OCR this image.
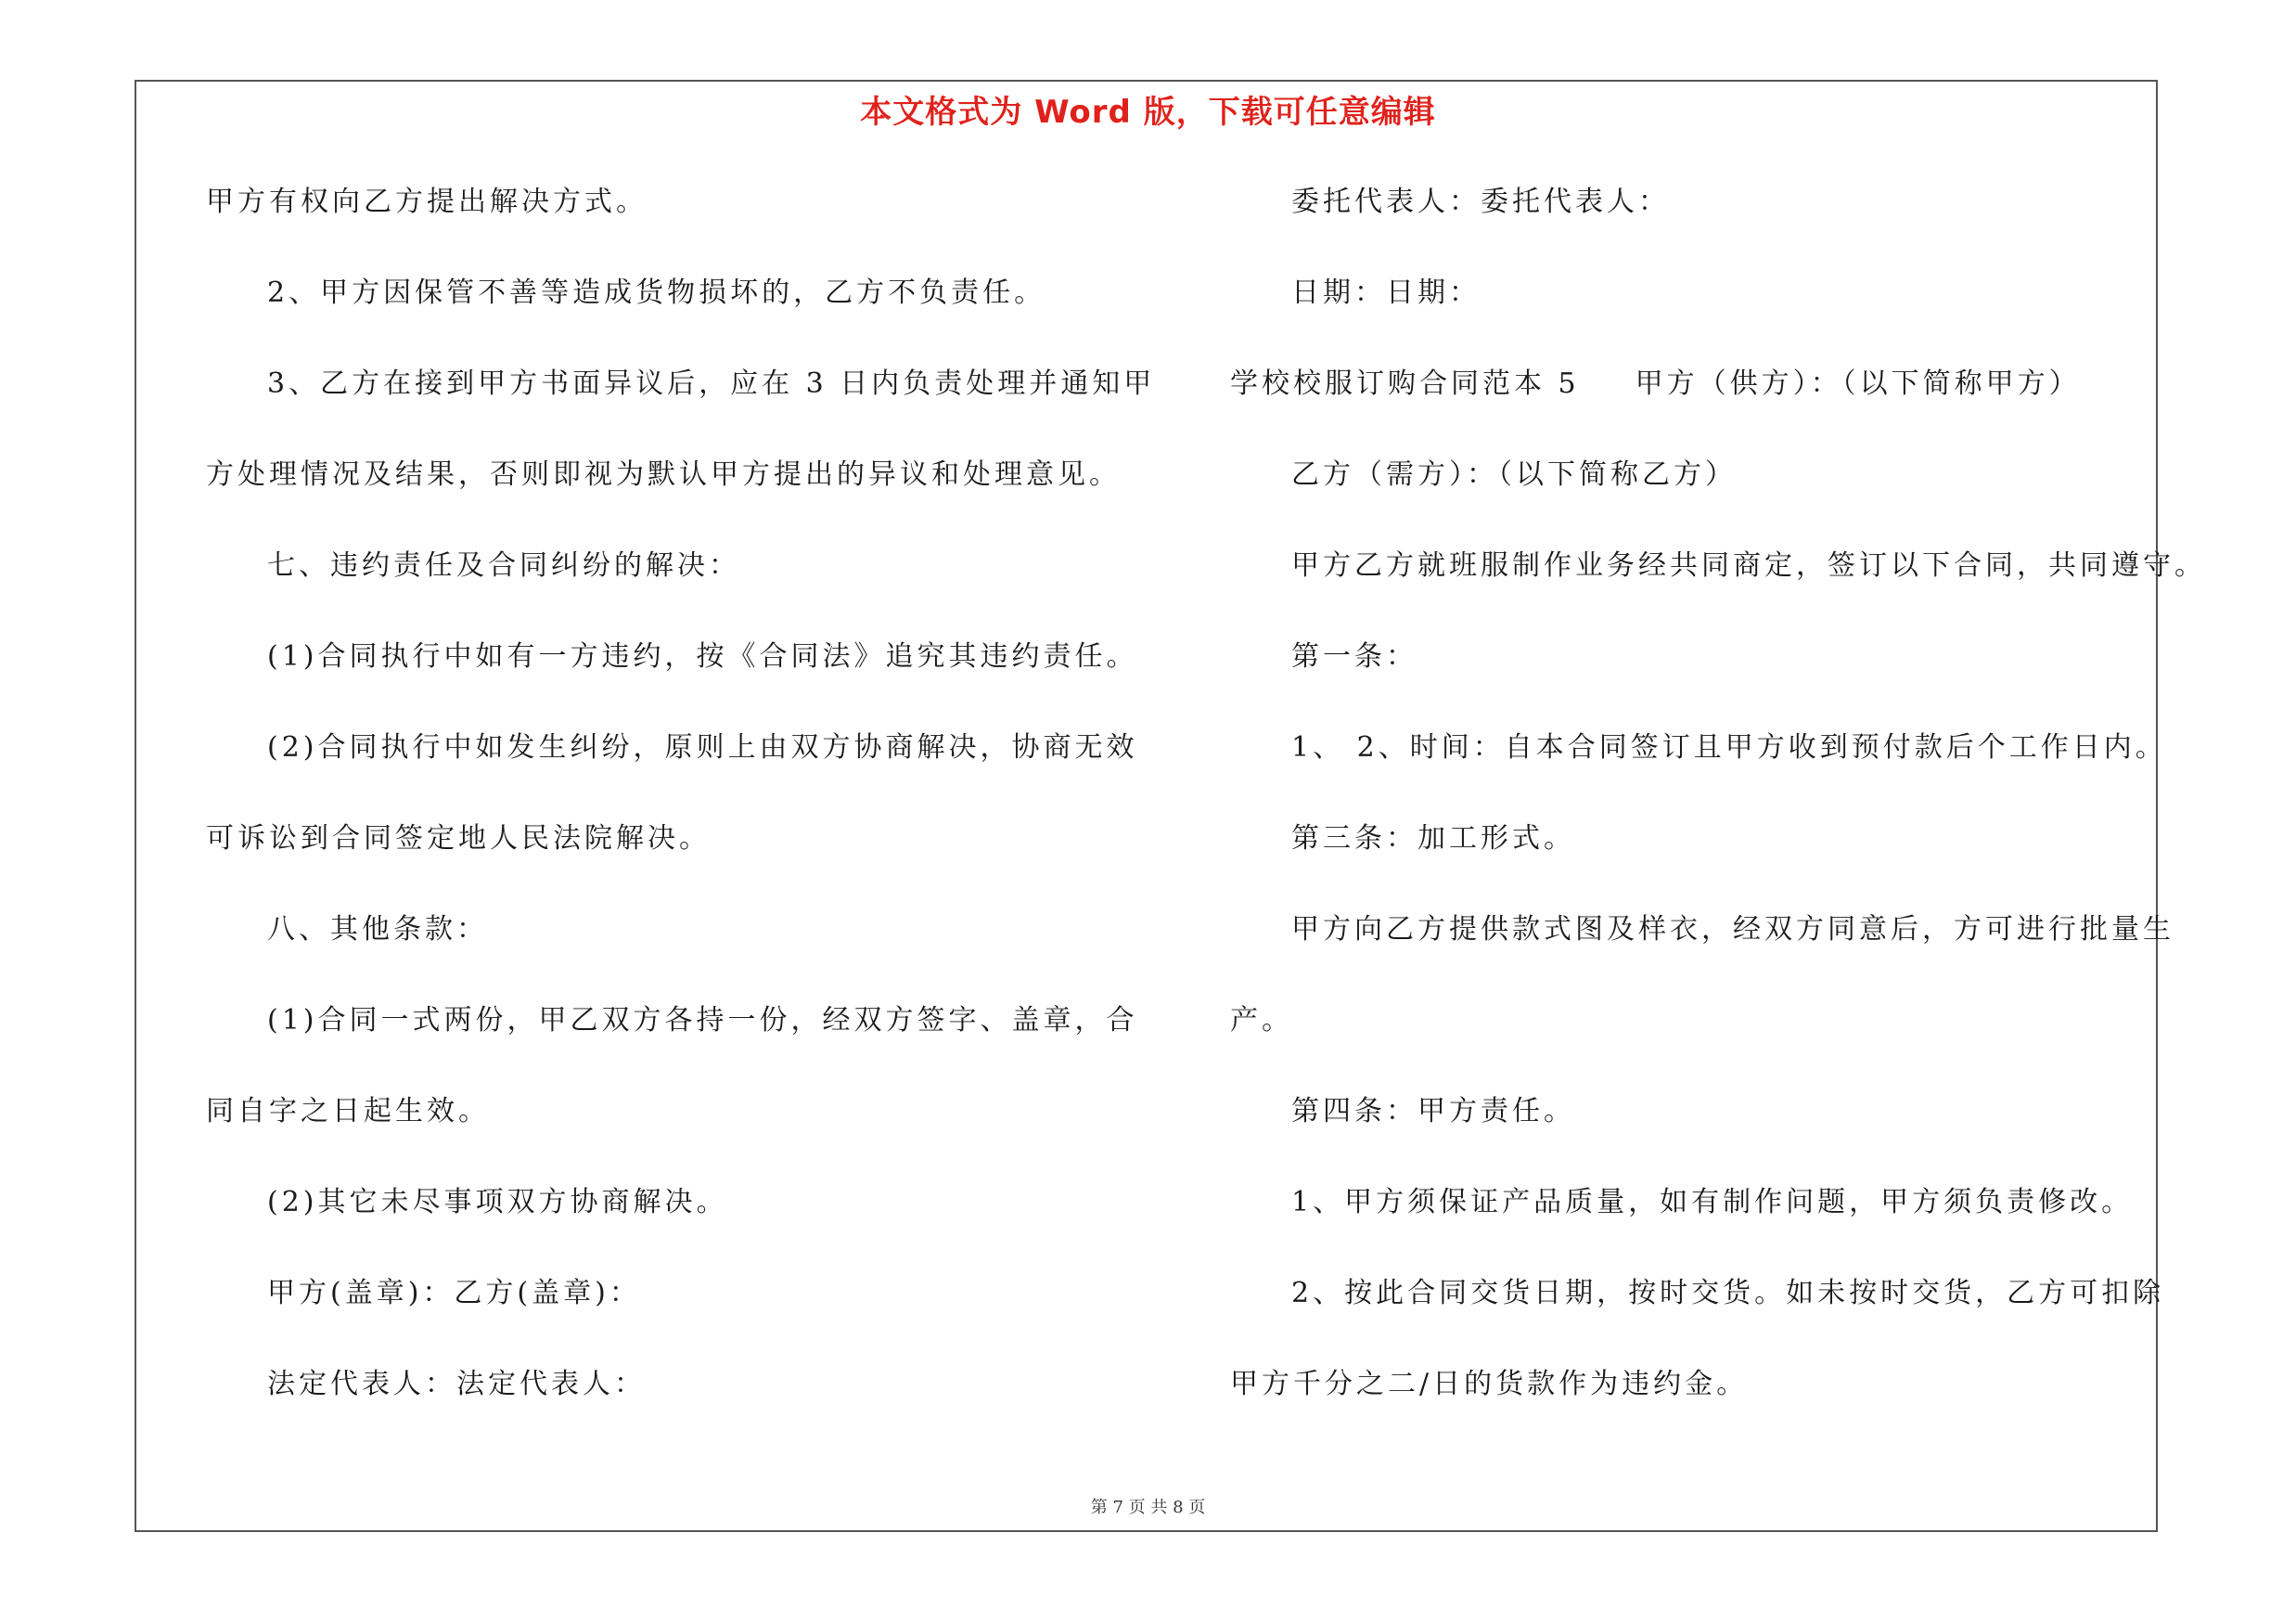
本文格式为 Word 版，下载可任意编辑
甲方有权向乙方提出解决方式。
2、甲方因保管不善等造成货物损坏的，乙方不负责任。
3、乙方在接到甲方书面异议后，应在 3 日内负责处理并通知甲
方处理情况及结果，否则即视为默认甲方提出的异议和处理意见。
七、违约责任及合同纠纷的解决：
(1)合同执行中如有一方违约，按《合同法》追究其违约责任。
(2)合同执行中如发生纠纷，原则上由双方协商解决，协商无效
可诉讼到合同签定地人民法院解决。
八、其他条款：
(1)合同一式两份，甲乙双方各持一份，经双方签字、盖章，合
同自字之日起生效。
(2)其它未尽事项双方协商解决。
甲方(盖章)：乙方(盖章)：
法定代表人：法定代表人：
委托代表人：委托代表人：
日期：日期：
学校校服订购合同范本 5 甲方（供方）：（以下简称甲方）
乙方（需方）：（以下简称乙方）
甲方乙方就班服制作业务经共同商定，签订以下合同，共同遵守。
第一条：
1、 2、时间：自本合同签订且甲方收到预付款后个工作日内。
第三条：加工形式。
甲方向乙方提供款式图及样衣，经双方同意后，方可进行批量生
产。
第四条：甲方责任。
1、甲方须保证产品质量，如有制作问题，甲方须负责修改。
2、按此合同交货日期，按时交货。如未按时交货，乙方可扣除
甲方千分之二/日的货款作为违约金。
第 7 页 共 8 页
